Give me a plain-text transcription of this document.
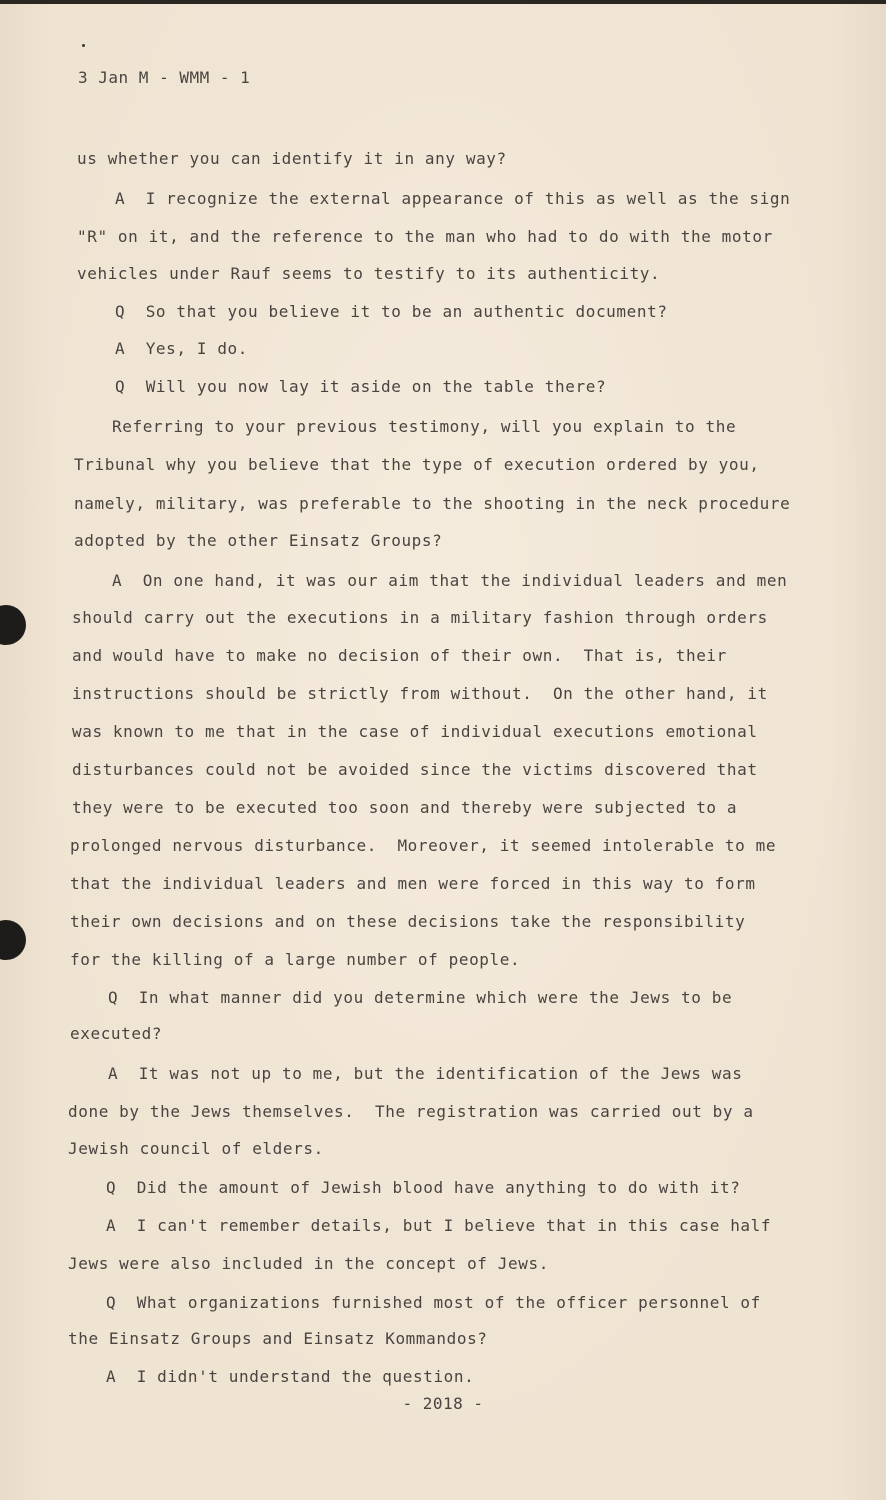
3 Jan M - WMM - 1
us whether you can identify it in any way?
A  I recognize the external appearance of this as well as the sign
"R" on it, and the reference to the man who had to do with the motor
vehicles under Rauf seems to testify to its authenticity.
Q  So that you believe it to be an authentic document?
A  Yes, I do.
Q  Will you now lay it aside on the table there?
Referring to your previous testimony, will you explain to the
Tribunal why you believe that the type of execution ordered by you,
namely, military, was preferable to the shooting in the neck procedure
adopted by the other Einsatz Groups?
A  On one hand, it was our aim that the individual leaders and men
should carry out the executions in a military fashion through orders
and would have to make no decision of their own.  That is, their
instructions should be strictly from without.  On the other hand, it
was known to me that in the case of individual executions emotional
disturbances could not be avoided since the victims discovered that
they were to be executed too soon and thereby were subjected to a
prolonged nervous disturbance.  Moreover, it seemed intolerable to me
that the individual leaders and men were forced in this way to form
their own decisions and on these decisions take the responsibility
for the killing of a large number of people.
Q  In what manner did you determine which were the Jews to be
executed?
A  It was not up to me, but the identification of the Jews was
done by the Jews themselves.  The registration was carried out by a
Jewish council of elders.
Q  Did the amount of Jewish blood have anything to do with it?
A  I can't remember details, but I believe that in this case half
Jews were also included in the concept of Jews.
Q  What organizations furnished most of the officer personnel of
the Einsatz Groups and Einsatz Kommandos?
A  I didn't understand the question.
- 2018 -
